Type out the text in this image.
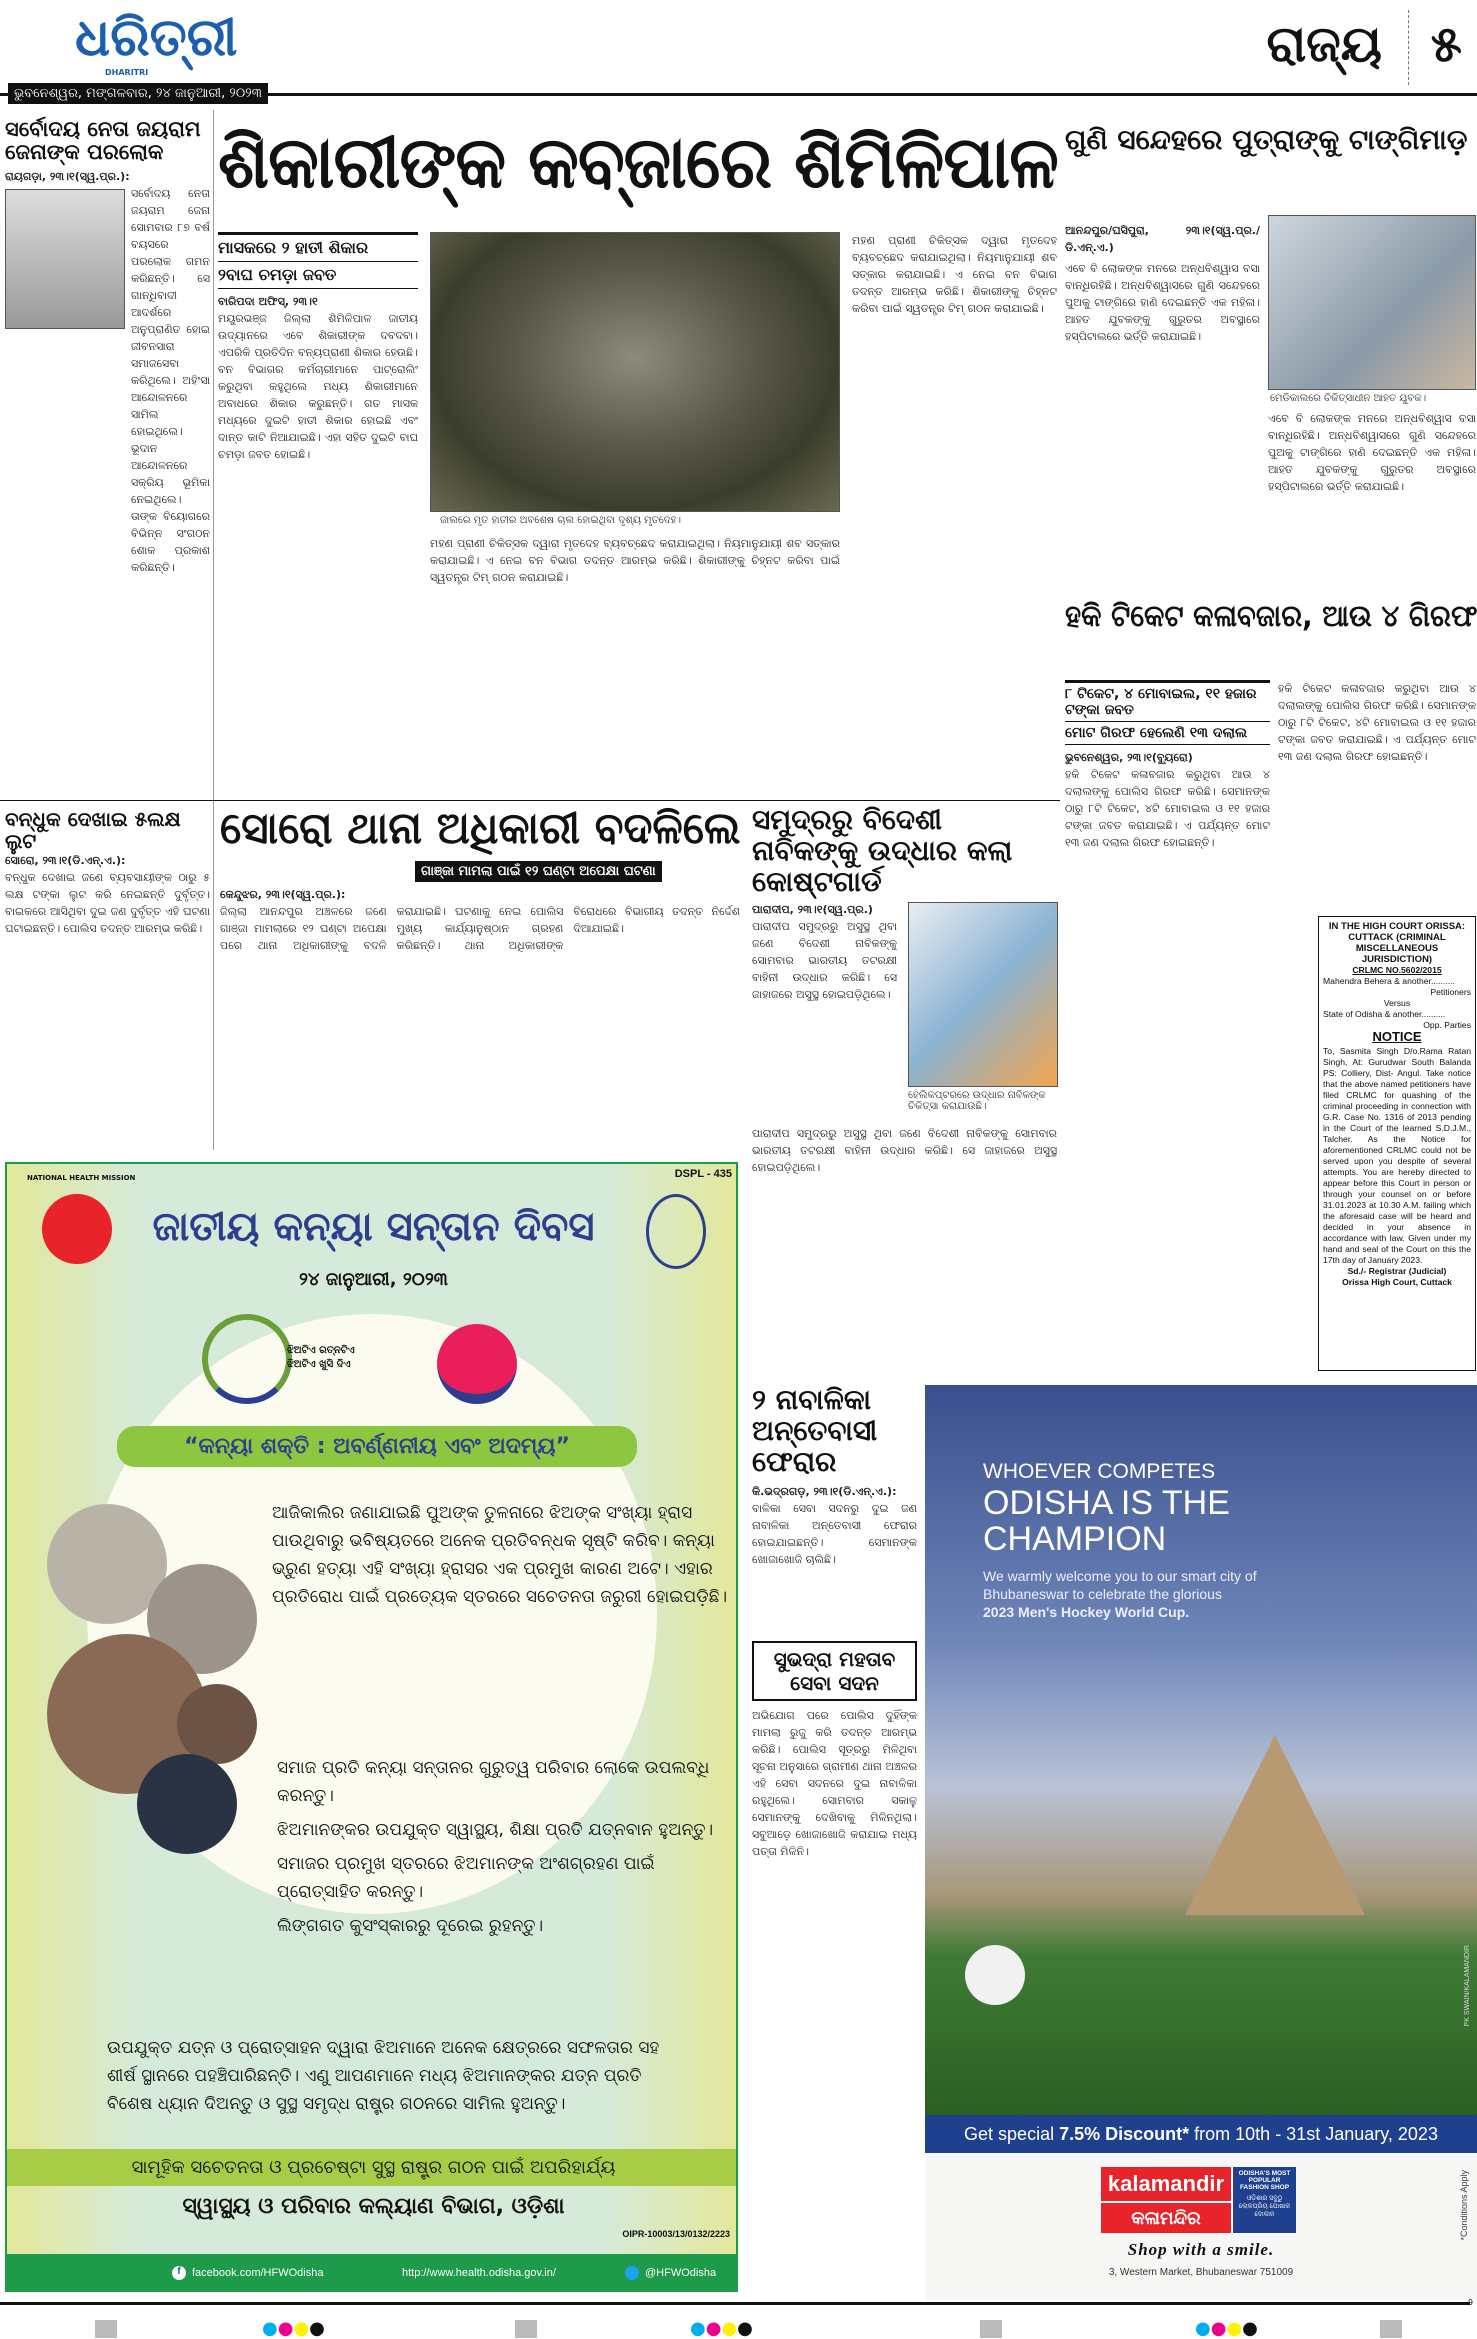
ଧରିତ୍ରୀ
DHARITRI	ରାଜ୍ୟ ୫
ଭୁବନେଶ୍ୱର, ମଙ୍ଗଳବାର, ୨୪ ଜାନୁଆରୀ, ୨୦୨୩
ସର୍ବୋଦୟ ନେତା ଜୟରାମ ଜେନାଙ୍କ ପରଲୋକ
ରାୟଗଡ଼ା, ୨୩।୧(ସ୍ୱ.ପ୍ର.):
ସର୍ବୋଦୟ ନେତା ଜୟରାମ ଜେନା ସୋମବାର ୮୭ ବର୍ଷ ବୟସରେ ପରଲୋକ ଗମନ କରିଛନ୍ତି। ସେ ଗାନ୍ଧିବାଦୀ ଆଦର୍ଶରେ ଅନୁପ୍ରାଣିତ ହୋଇ ଜୀବନସାରା ସମାଜସେବା କରିଥିଲେ। ଅହିଂସା ଆନ୍ଦୋଳନରେ ସାମିଲ ହୋଇଥିଲେ। ଭୂଦାନ ଆନ୍ଦୋଳନରେ ସକ୍ରିୟ ଭୂମିକା ନେଇଥିଲେ। ତାଙ୍କ ବିୟୋଗରେ ବିଭିନ୍ନ ସଂଗଠନ ଶୋକ ପ୍ରକାଶ କରିଛନ୍ତି।
ଶିକାରୀଙ୍କ କବ୍ଜାରେ ଶିମିଳିପାଳ
ମାସକରେ ୨ ହାତୀ ଶିକାର
୨ବାଘ ଚମଡ଼ା ଜବତ
ବାରିପଦା ଅଫିସ୍, ୨୩।୧
ମୟୂରଭଞ୍ଜ ଜିଲ୍ଲା ଶିମିଳିପାଳ ଜାତୀୟ ଉଦ୍ୟାନରେ ଏବେ ଶିକାରୀଙ୍କ ଦବଦବା। ଏପରିକି ପ୍ରତିଦିନ ବନ୍ୟପ୍ରାଣୀ ଶିକାର ହେଉଛି। ବନ ବିଭାଗର କର୍ମଚାରୀମାନେ ପାଟ୍ରୋଲିଂ କରୁଥିବା କହୁଥିଲେ ମଧ୍ୟ ଶିକାରୀମାନେ ଅବାଧରେ ଶିକାର କରୁଛନ୍ତି। ଗତ ମାସକ ମଧ୍ୟରେ ଦୁଇଟି ହାତୀ ଶିକାର ହୋଇଛି ଏବଂ ଦାନ୍ତ କାଟି ନିଆଯାଇଛି। ଏହା ସହିତ ଦୁଇଟି ବାଘ ଚମଡ଼ା ଜବତ ହୋଇଛି।
ଜାଲରେ ମୃତ ହାତୀର ଅବଶେଷ ଚାଲ ହୋଇଥିବା ଦୃଶ୍ୟ ମୃତଦେହ।
ମହଣ ପ୍ରାଣୀ ଚିକିତ୍ସକ ଦ୍ୱାରା ମୃତଦେହ ବ୍ୟବଚ୍ଛେଦ କରାଯାଇଥିଲା। ନିୟମାନୁଯାୟୀ ଶବ ସତ୍କାର କରାଯାଇଛି। ଏ ନେଇ ବନ ବିଭାଗ ତଦନ୍ତ ଆରମ୍ଭ କରିଛି। ଶିକାରୀଙ୍କୁ ଚିହ୍ନଟ କରିବା ପାଇଁ ସ୍ୱତନ୍ତ୍ର ଟିମ୍ ଗଠନ କରାଯାଇଛି।
ମହଣ ପ୍ରାଣୀ ଚିକିତ୍ସକ ଦ୍ୱାରା ମୃତଦେହ ବ୍ୟବଚ୍ଛେଦ କରାଯାଇଥିଲା। ନିୟମାନୁଯାୟୀ ଶବ ସତ୍କାର କରାଯାଇଛି। ଏ ନେଇ ବନ ବିଭାଗ ତଦନ୍ତ ଆରମ୍ଭ କରିଛି। ଶିକାରୀଙ୍କୁ ଚିହ୍ନଟ କରିବା ପାଇଁ ସ୍ୱତନ୍ତ୍ର ଟିମ୍ ଗଠନ କରାଯାଇଛି।
ଗୁଣି ସନ୍ଦେହରେ ପୁତ୍ରାଙ୍କୁ ଟାଙ୍ଗିମାଡ଼
ଆନନ୍ଦପୁର/ଘସିପୁରା, ୨୩।୧(ସ୍ୱ.ପ୍ର./ଡି.ଏନ୍.ଏ.)
ଏବେ ବି ଲୋକଙ୍କ ମନରେ ଅନ୍ଧବିଶ୍ୱାସ ବସା ବାନ୍ଧିରହିଛି। ଅନ୍ଧବିଶ୍ୱାସରେ ଗୁଣି ସନ୍ଦେହରେ ପୁଅକୁ ଟାଙ୍ଗିରେ ହାଣି ଦେଇଛନ୍ତି ଏକ ମହିଳା। ଆହତ ଯୁବକଙ୍କୁ ଗୁରୁତର ଅବସ୍ଥାରେ ହସ୍ପିଟାଲରେ ଭର୍ତ୍ତି କରାଯାଇଛି।
ମେଡିକାଲରେ ଚିକିତ୍ସାଧୀନ ଆହତ ଯୁବକ।
ଏବେ ବି ଲୋକଙ୍କ ମନରେ ଅନ୍ଧବିଶ୍ୱାସ ବସା ବାନ୍ଧିରହିଛି। ଅନ୍ଧବିଶ୍ୱାସରେ ଗୁଣି ସନ୍ଦେହରେ ପୁଅକୁ ଟାଙ୍ଗିରେ ହାଣି ଦେଇଛନ୍ତି ଏକ ମହିଳା। ଆହତ ଯୁବକଙ୍କୁ ଗୁରୁତର ଅବସ୍ଥାରେ ହସ୍ପିଟାଲରେ ଭର୍ତ୍ତି କରାଯାଇଛି।
ହକି ଟିକେଟ କଳାବଜାର, ଆଉ ୪ ଗିରଫ
୮ ଟିକେଟ, ୪ ମୋବାଇଲ, ୧୧ ହଜାର ଟଙ୍କା ଜବତ
ମୋଟ ଗିରଫ ହେଲେଣି ୧୩ ଦଲାଲ
ଭୁବନେଶ୍ୱର, ୨୩।୧(ବ୍ୟୁରୋ)
ହକି ଟିକେଟ କଳାବଜାର କରୁଥିବା ଆଉ ୪ ଦଲାଲଙ୍କୁ ପୋଲିସ ଗିରଫ କରିଛି। ସେମାନଙ୍କ ଠାରୁ ୮ଟି ଟିକେଟ, ୪ଟି ମୋବାଇଲ ଓ ୧୧ ହଜାର ଟଙ୍କା ଜବତ କରାଯାଇଛି। ଏ ପର୍ଯ୍ୟନ୍ତ ମୋଟ ୧୩ ଜଣ ଦଲାଲ ଗିରଫ ହୋଇଛନ୍ତି।
ହକି ଟିକେଟ କଳାବଜାର କରୁଥିବା ଆଉ ୪ ଦଲାଲଙ୍କୁ ପୋଲିସ ଗିରଫ କରିଛି। ସେମାନଙ୍କ ଠାରୁ ୮ଟି ଟିକେଟ, ୪ଟି ମୋବାଇଲ ଓ ୧୧ ହଜାର ଟଙ୍କା ଜବତ କରାଯାଇଛି। ଏ ପର୍ଯ୍ୟନ୍ତ ମୋଟ ୧୩ ଜଣ ଦଲାଲ ଗିରଫ ହୋଇଛନ୍ତି।
ବନ୍ଧୁକ ଦେଖାଇ ୫ଲକ୍ଷ ଲୁଟ
ସୋରୋ, ୨୩।୧(ଡି.ଏନ୍.ଏ.):
ବନ୍ଧୁକ ଦେଖାଇ ଜଣେ ବ୍ୟବସାୟୀଙ୍କ ଠାରୁ ୫ ଲକ୍ଷ ଟଙ୍କା ଲୁଟ କରି ନେଇଛନ୍ତି ଦୁର୍ବୃତ୍ତ। ବାଇକରେ ଆସିଥିବା ଦୁଇ ଜଣ ଦୁର୍ବୃତ୍ତ ଏହି ଘଟଣା ଘଟାଇଛନ୍ତି। ପୋଲିସ ତଦନ୍ତ ଆରମ୍ଭ କରିଛି।
ସୋରୋ ଥାନା ଅଧିକାରୀ ବଦଳିଲେ
ଗାଞ୍ଜା ମାମଲା ପାଇଁ ୧୨ ଘଣ୍ଟା ଅପେକ୍ଷା ଘଟଣା
କେନ୍ଦୁଝର, ୨୩।୧(ସ୍ୱ.ପ୍ର.):
ଜିଲ୍ଲା ଆନନ୍ଦପୁର ଅଞ୍ଚଳରେ ଜଣେ ଗାଞ୍ଜା ମାମଲାରେ ୧୨ ଘଣ୍ଟା ଅପେକ୍ଷା ପରେ ଥାନା ଅଧିକାରୀଙ୍କୁ ବଦଳି କରାଯାଇଛି। ଘଟଣାକୁ ନେଇ ପୋଲିସ ମୁଖ୍ୟ କାର୍ଯ୍ୟାନୁଷ୍ଠାନ ଗ୍ରହଣ କରିଛନ୍ତି। ଥାନା ଅଧିକାରୀଙ୍କ ବିରୋଧରେ ବିଭାଗୀୟ ତଦନ୍ତ ନିର୍ଦ୍ଦେଶ ଦିଆଯାଇଛି।
ସମୁଦ୍ରରୁ ବିଦେଶୀ ନାବିକଙ୍କୁ ଉଦ୍ଧାର କଲା କୋଷ୍ଟଗାର୍ଡ
ପାରାଦୀପ, ୨୩।୧(ସ୍ୱ.ପ୍ର.)
ପାରାଦୀପ ସମୁଦ୍ରରୁ ଅସୁସ୍ଥ ଥିବା ଜଣେ ବିଦେଶୀ ନାବିକଙ୍କୁ ସୋମବାର ଭାରତୀୟ ତଟରକ୍ଷୀ ବାହିନୀ ଉଦ୍ଧାର କରିଛି। ସେ ଜାହାଜରେ ଅସୁସ୍ଥ ହୋଇପଡ଼ିଥିଲେ।
ହେଲିକପ୍ଟରରେ ଉଦ୍ଧାର ନାବିକଙ୍କ ଚିକିତ୍ସା କରାଯାଉଛି।
ପାରାଦୀପ ସମୁଦ୍ରରୁ ଅସୁସ୍ଥ ଥିବା ଜଣେ ବିଦେଶୀ ନାବିକଙ୍କୁ ସୋମବାର ଭାରତୀୟ ତଟରକ୍ଷୀ ବାହିନୀ ଉଦ୍ଧାର କରିଛି। ସେ ଜାହାଜରେ ଅସୁସ୍ଥ ହୋଇପଡ଼ିଥିଲେ।
IN THE HIGH COURT ORISSA: CUTTACK (CRIMINAL MISCELLANEOUS JURISDICTION)
CRLMC NO.5602/2015
Mahendra Behera & another..........
Petitioners
Versus
State of Odisha & another..........
Opp. Parties
NOTICE
To, Sasmita Singh D/o.Rama Ratan Singh, At: Gurudwar South Balanda PS: Colliery, Dist- Angul. Take notice that the above named petitioners have filed CRLMC for quashing of the criminal proceeding in connection with G.R. Case No. 1316 of 2013 pending in the Court of the learned S.D.J.M., Talcher. As the Notice for aforementioned CRLMC could not be served upon you despite of several attempts. You are hereby directed to appear before this Court in person or through your counsel on or before 31.01.2023 at 10.30 A.M. failing which the aforesaid case will be heard and decided in your absence in accordance with law. Given under my hand and seal of the Court on this the 17th day of January 2023.
Sd./- Registrar (Judicial)
Orissa High Court, Cuttack
DSPL - 435
NATIONAL HEALTH MISSION
ଜାତୀୟ କନ୍ୟା ସନ୍ତାନ ଦିବସ
୨୪ ଜାନୁଆରୀ, ୨୦୨୩
ଝିଅଟିଏ ରତ୍ନଟିଏ
ଝିଅଟିଏ ଖୁସି ଦିଏ
“କନ୍ୟା ଶକ୍ତି : ଅବର୍ଣ୍ଣନୀୟ ଏବଂ ଅଦମ୍ୟ”
ଆଜିକାଲିର ଜଣାଯାଇଛି ପୁଅଙ୍କ ତୁଳନାରେ ଝିଅଙ୍କ ସଂଖ୍ୟା ହ୍ରାସ ପାଉଥିବାରୁ ଭବିଷ୍ୟତରେ ଅନେକ ପ୍ରତିବନ୍ଧକ ସୃଷ୍ଟି କରିବ। କନ୍ୟା ଭ୍ରୁଣ ହତ୍ୟା ଏହି ସଂଖ୍ୟା ହ୍ରାସର ଏକ ପ୍ରମୁଖ କାରଣ ଅଟେ। ଏହାର ପ୍ରତିରୋଧ ପାଇଁ ପ୍ରତ୍ୟେକ ସ୍ତରରେ ସଚେତନତା ଜରୁରୀ ହୋଇପଡ଼ିଛି।
ସମାଜ ପ୍ରତି କନ୍ୟା ସନ୍ତାନର ଗୁରୁତ୍ୱ ପରିବାର ଲୋକେ ଉପଲବ୍ଧି କରନ୍ତୁ।
ଝିଅମାନଙ୍କର ଉପଯୁକ୍ତ ସ୍ୱାସ୍ଥ୍ୟ, ଶିକ୍ଷା ପ୍ରତି ଯତ୍ନବାନ ହୁଅନ୍ତୁ।
ସମାଜର ପ୍ରମୁଖ ସ୍ତରରେ ଝିଅମାନଙ୍କ ଅଂଶଗ୍ରହଣ ପାଇଁ ପ୍ରୋତ୍ସାହିତ କରନ୍ତୁ।
ଲିଙ୍ଗଗତ କୁସଂସ୍କାରରୁ ଦୂରେଇ ରୁହନ୍ତୁ।
ଉପଯୁକ୍ତ ଯତ୍ନ ଓ ପ୍ରୋତ୍ସାହନ ଦ୍ୱାରା ଝିଅମାନେ ଅନେକ କ୍ଷେତ୍ରରେ ସଫଳତାର ସହ ଶୀର୍ଷ ସ୍ଥାନରେ ପହଞ୍ଚିପାରିଛନ୍ତି। ଏଣୁ ଆପଣମାନେ ମଧ୍ୟ ଝିଅମାନଙ୍କର ଯତ୍ନ ପ୍ରତି ବିଶେଷ ଧ୍ୟାନ ଦିଅନ୍ତୁ ଓ ସୁସ୍ଥ ସମୃଦ୍ଧ ରାଷ୍ଟ୍ର ଗଠନରେ ସାମିଲ ହୁଅନ୍ତୁ।
ସାମୂହିକ ସଚେତନତା ଓ ପ୍ରଚେଷ୍ଟା ସୁସ୍ଥ ରାଷ୍ଟ୍ର ଗଠନ ପାଇଁ ଅପରିହାର୍ଯ୍ୟ
ସ୍ୱାସ୍ଥ୍ୟ ଓ ପରିବାର କଲ୍ୟାଣ ବିଭାଗ, ଓଡ଼ିଶା
OIPR-10003/13/0132/2223
f	facebook.com/HFWOdisha	http://www.health.odisha.gov.in/	@HFWOdisha
୨ ନାବାଳିକା ଅନ୍ତେବାସୀ ଫେରାର
କି.ଭଦ୍ରଗଡ଼, ୨୩।୧(ଡି.ଏନ୍.ଏ.):
ବାଳିକା ସେବା ସଦନରୁ ଦୁଇ ଜଣ ନାବାଳିକା ଅନ୍ତେବାସୀ ଫେରାର ହୋଇଯାଇଛନ୍ତି। ସେମାନଙ୍କ ଖୋଜାଖୋଜି ଚାଲିଛି।
ସୁଭଦ୍ରା ମହତାବ ସେବା ସଦନ
ଅଭିଯୋଗ ପରେ ପୋଲିସ ଦୁହିଁଙ୍କ ମାମଲା ରୁଜୁ କରି ତଦନ୍ତ ଆରମ୍ଭ କରିଛି। ପୋଲିସ ସୂତ୍ରରୁ ମିଳିଥିବା ସୂଚନା ଅନୁସାରେ ଗ୍ରାମୀଣ ଥାନା ଅଞ୍ଚଳର ଏହି ସେବା ସଦନରେ ଦୁଇ ନାବାଳିକା ରହୁଥିଲେ। ସୋମବାର ସକାଳୁ ସେମାନଙ୍କୁ ଦେଖିବାକୁ ମିଳିନଥିଲା। ସବୁଆଡ଼େ ଖୋଜାଖୋଜି କରାଯାଇ ମଧ୍ୟ ପତ୍ତା ମିଳିନି।
WHOEVER COMPETES
ODISHA IS THE CHAMPION
We warmly welcome you to our smart city of Bhubaneswar to celebrate the glorious
2023 Men's Hockey World Cup.
PK SWAIN/KALAMANDIR
Get special 7.5% Discount* from 10th - 31st January, 2023
kalamandir
କଳାମନ୍ଦିର
ODISHA'S MOST POPULAR FASHION SHOP
ଓଡ଼ିଶାର ସବୁଠୁ ଲୋକପ୍ରିୟ ପୋଷାକ ଦୋକାନ
Shop with a smile.
3, Western Market, Bhubaneswar 751009
*Conditions Apply
9
●●●●	●●●●	●●●●
